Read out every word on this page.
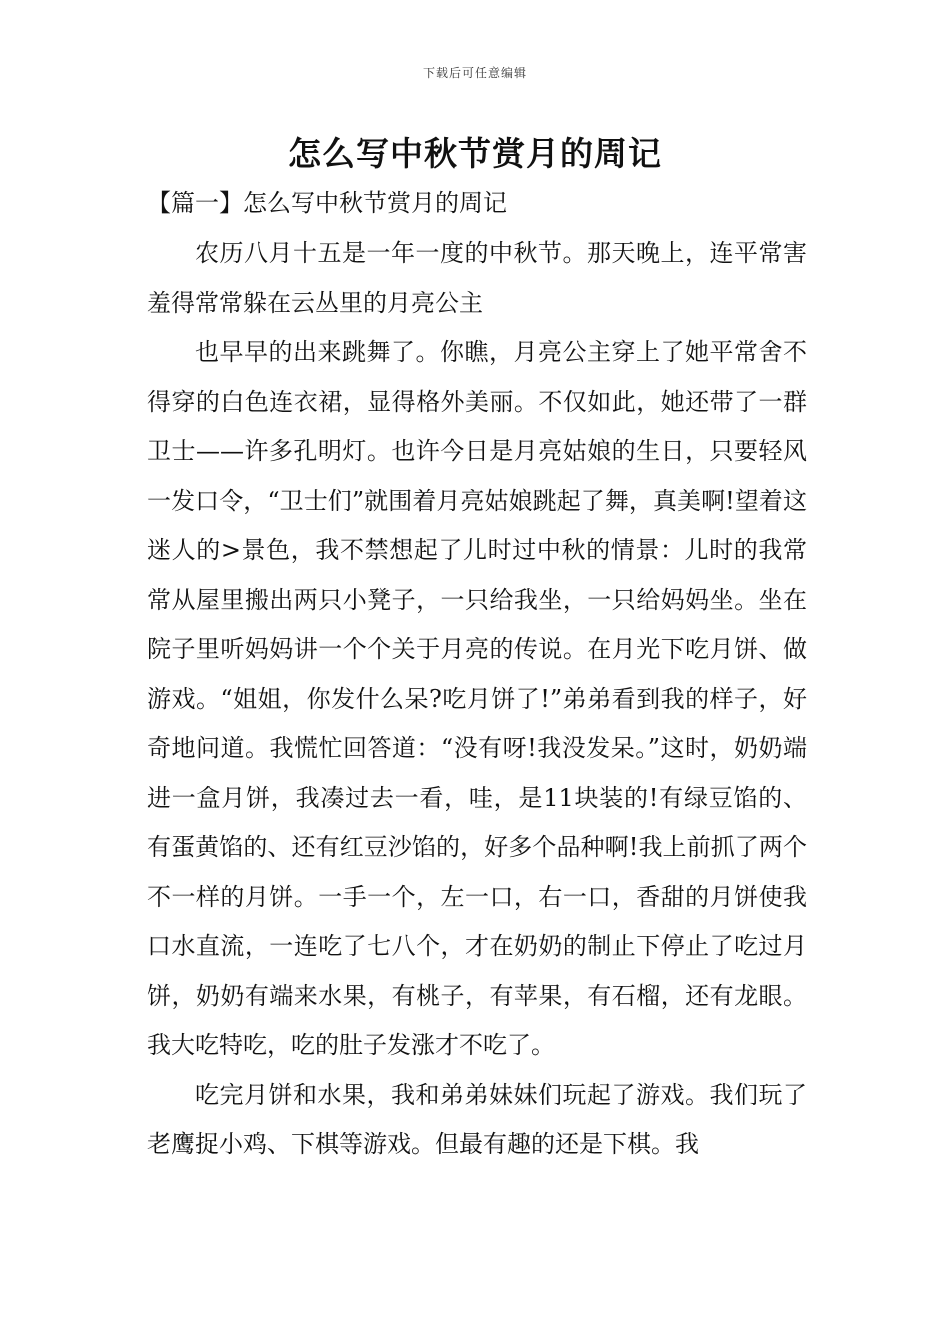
下载后可任意编辑
怎么写中秋节赏月的周记
【篇一】怎么写中秋节赏月的周记

农历八月十五是一年一度的中秋节。那天晚上，连平常害羞得常常躲在云丛里的月亮公主

也早早的出来跳舞了。你瞧，月亮公主穿上了她平常舍不得穿的白色连衣裙，显得格外美丽。不仅如此，她还带了一群卫士——许多孔明灯。也许今日是月亮姑娘的生日，只要轻风一发口令，“卫士们”就围着月亮姑娘跳起了舞，真美啊!望着这迷人的>景色，我不禁想起了儿时过中秋的情景：儿时的我常常从屋里搬出两只小凳子，一只给我坐，一只给妈妈坐。坐在院子里听妈妈讲一个个关于月亮的传说。在月光下吃月饼、做游戏。“姐姐，你发什么呆?吃月饼了!”弟弟看到我的样子，好奇地问道。我慌忙回答道：“没有呀!我没发呆。”这时，奶奶端进一盒月饼，我凑过去一看，哇，是11块装的!有绿豆馅的、有蛋黄馅的、还有红豆沙馅的，好多个品种啊!我上前抓了两个不一样的月饼。一手一个，左一口，右一口，香甜的月饼使我口水直流，一连吃了七八个，才在奶奶的制止下停止了吃过月饼，奶奶有端来水果，有桃子，有苹果，有石榴，还有龙眼。我大吃特吃，吃的肚子发涨才不吃了。

吃完月饼和水果，我和弟弟妹妹们玩起了游戏。我们玩了老鹰捉小鸡、下棋等游戏。但最有趣的还是下棋。我
